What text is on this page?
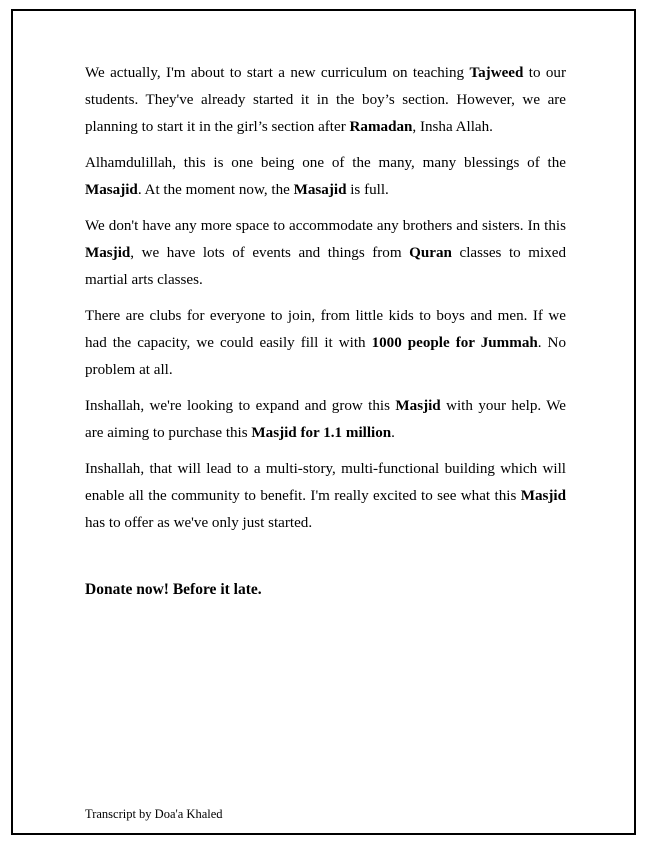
We actually, I'm about to start a new curriculum on teaching Tajweed to our students. They've already started it in the boy’s section. However, we are planning to start it in the girl’s section after Ramadan, Insha Allah.

Alhamdulillah, this is one being one of the many, many blessings of the Masajid. At the moment now, the Masajid is full.

We don't have any more space to accommodate any brothers and sisters. In this Masjid, we have lots of events and things from Quran classes to mixed martial arts classes.

There are clubs for everyone to join, from little kids to boys and men. If we had the capacity, we could easily fill it with 1000 people for Jummah. No problem at all.

Inshallah, we're looking to expand and grow this Masjid with your help. We are aiming to purchase this Masjid for 1.1 million.

Inshallah, that will lead to a multi-story, multi-functional building which will enable all the community to benefit. I'm really excited to see what this Masjid has to offer as we've only just started.

Donate now! Before it late.

Transcript by Doa'a Khaled
